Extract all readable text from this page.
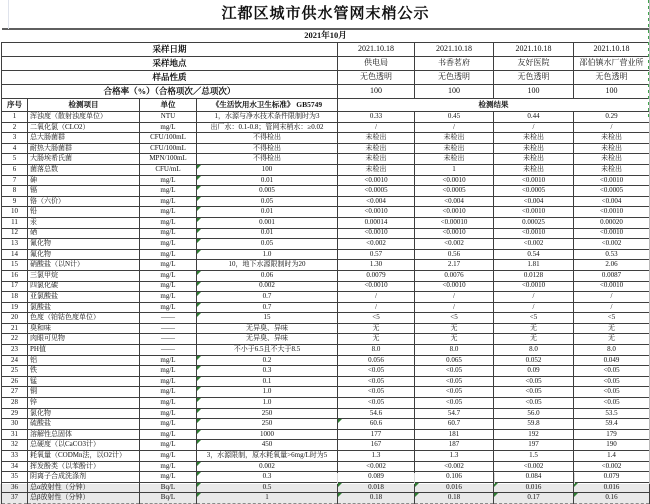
江都区城市供水管网末梢公示							
2021年10月							
采样日期				2021.10.18	2021.10.18	2021.10.18	2021.10.18
采样地点				供电局	书香茗府	友好医院	邵伯镇水厂营业所
样品性质				无色透明	无色透明	无色透明	无色透明
合格率（%）（合格项次／总项次）				100	100	100	100
序号	检测项目	单位	《生活饮用水卫生标准》 GB5749	检测结果			
1	浑浊度（散射浊度单位）	NTU	1，水源与净水技术条件限制时为3	0.33	0.45	0.44	0.29
2	二氧化氯（CLO2）	mg/L	出厂水：0.1-0.8；管网末梢水：≥0.02	/	/	/	/
3	总大肠菌群	CFU/100mL	不得检出	未检出	未检出	未检出	未检出
4	耐热大肠菌群	CFU/100mL	不得检出	未检出	未检出	未检出	未检出
5	大肠埃希氏菌	MPN/100mL	不得检出	未检出	未检出	未检出	未检出
6	菌落总数	CFU/mL	100	未检出	1	未检出	未检出
7	砷	mg/L	0.01	<0.0010	<0.0010	<0.0010	<0.0010
8	镉	mg/L	0.005	<0.0005	<0.0005	<0.0005	<0.0005
9	铬（六价）	mg/L	0.05	<0.004	<0.004	<0.004	<0.004
10	铅	mg/L	0.01	<0.0010	<0.0010	<0.0010	<0.0010
11	汞	mg/L	0.001	0.00014	<0.00010	0.00025	0.00020
12	硒	mg/L	0.01	<0.0010	<0.0010	<0.0010	<0.0010
13	氰化物	mg/L	0.05	<0.002	<0.002	<0.002	<0.002
14	氟化物	mg/L	1.0	0.57	0.56	0.54	0.53
15	硝酸盐（以N计）	mg/L	10，地下水源限制时为20	1.30	2.17	1.81	2.06
16	三氯甲烷	mg/L	0.06	0.0079	0.0076	0.0128	0.0087
17	四氯化碳	mg/L	0.002	<0.0010	<0.0010	<0.0010	<0.0010
18	亚氯酸盐	mg/L	0.7	/	/	/	/
19	氯酸盐	mg/L	0.7	/	/	/	/
20	色度（铂钴色度单位）	——	15	<5	<5	<5	<5
21	臭和味	——	无异臭、异味	无	无	无	无
22	肉眼可见物	——	无异臭、异味	无	无	无	无
23	PH值	——	不小于6.5且不大于8.5	8.0	8.0	8.0	8.0
24	铝	mg/L	0.2	0.056	0.065	0.052	0.049
25	铁	mg/L	0.3	<0.05	<0.05	0.09	<0.05
26	锰	mg/L	0.1	<0.05	<0.05	<0.05	<0.05
27	铜	mg/L	1.0	<0.05	<0.05	<0.05	<0.05
28	锌	mg/L	1.0	<0.05	<0.05	<0.05	<0.05
29	氯化物	mg/L	250	54.6	54.7	56.0	53.5
30	硫酸盐	mg/L	250	60.6	60.7	59.8	59.4
31	溶解性总固体	mg/L	1000	177	181	192	179
32	总硬度（以CaCO3计）	mg/L	450	167	187	197	190
33	耗氧量（CODMn法，以O2计）	mg/L	3，水源限制，原水耗氧量>6mg/L时为5	1.3	1.3	1.5	1.4
34	挥发酚类（以苯酚计）	mg/L	0.002	<0.002	<0.002	<0.002	<0.002
35	阴离子合成洗涤剂	mg/L	0.3	0.089	0.106	0.084	0.079
36	总α放射性（分钟）	Bq/L	0.5	0.018	0.016	0.016	0.016
37	总β放射性（分钟）	Bq/L	1	0.18	0.18	0.17	0.16
